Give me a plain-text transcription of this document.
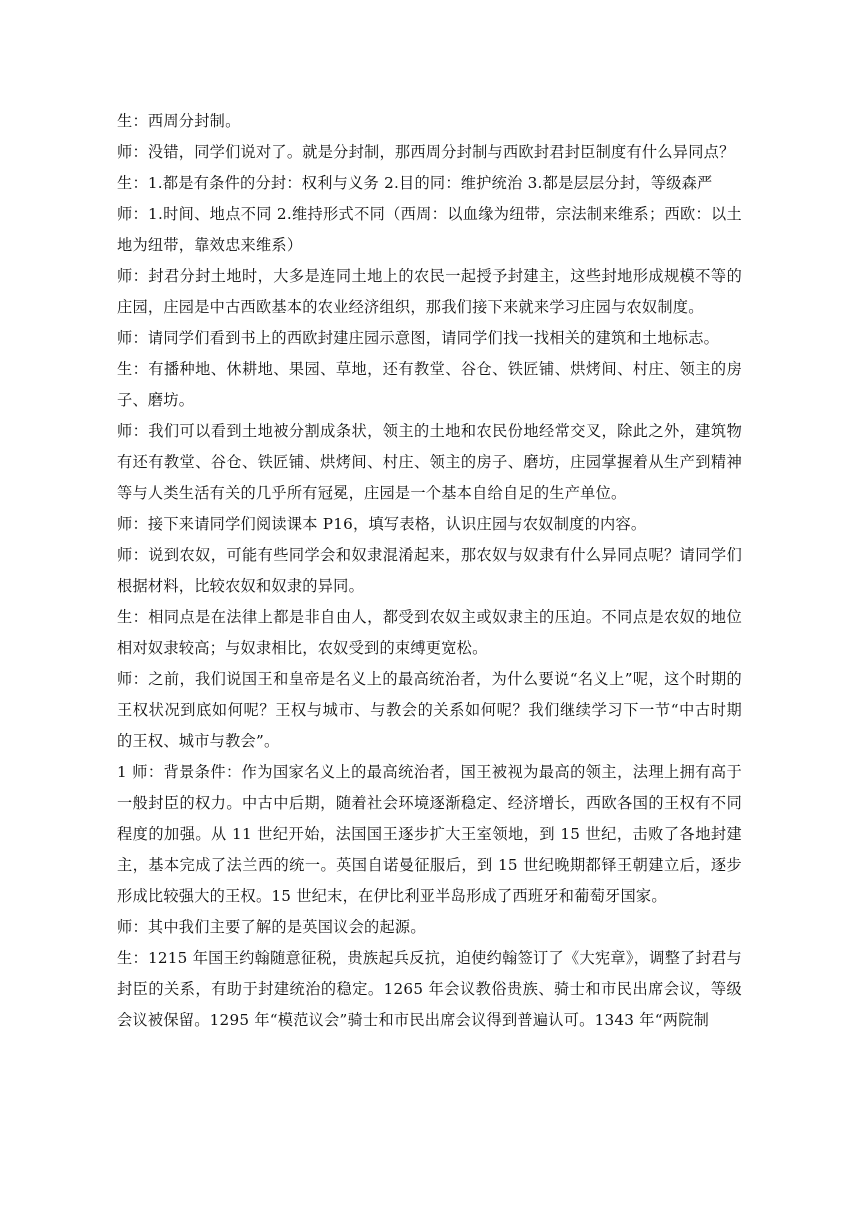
生：西周分封制。

师：没错，同学们说对了。就是分封制，那西周分封制与西欧封君封臣制度有什么异同点？

生：1.都是有条件的分封：权利与义务 2.目的同：维护统治 3.都是层层分封，等级森严

师：1.时间、地点不同 2.维持形式不同（西周：以血缘为纽带，宗法制来维系；西欧：以土地为纽带，靠效忠来维系）

师：封君分封土地时，大多是连同土地上的农民一起授予封建主，这些封地形成规模不等的庄园，庄园是中古西欧基本的农业经济组织，那我们接下来就来学习庄园与农奴制度。

师：请同学们看到书上的西欧封建庄园示意图，请同学们找一找相关的建筑和土地标志。

生：有播种地、休耕地、果园、草地，还有教堂、谷仓、铁匠铺、烘烤间、村庄、领主的房子、磨坊。

师：我们可以看到土地被分割成条状，领主的土地和农民份地经常交叉，除此之外，建筑物有还有教堂、谷仓、铁匠铺、烘烤间、村庄、领主的房子、磨坊，庄园掌握着从生产到精神等与人类生活有关的几乎所有冠冕，庄园是一个基本自给自足的生产单位。

师：接下来请同学们阅读课本 P16，填写表格，认识庄园与农奴制度的内容。

师：说到农奴，可能有些同学会和奴隶混淆起来，那农奴与奴隶有什么异同点呢？请同学们根据材料，比较农奴和奴隶的异同。

生：相同点是在法律上都是非自由人，都受到农奴主或奴隶主的压迫。不同点是农奴的地位相对奴隶较高；与奴隶相比，农奴受到的束缚更宽松。

师：之前，我们说国王和皇帝是名义上的最高统治者，为什么要说“名义上”呢，这个时期的王权状况到底如何呢？王权与城市、与教会的关系如何呢？我们继续学习下一节“中古时期的王权、城市与教会”。

1 师：背景条件：作为国家名义上的最高统治者，国王被视为最高的领主，法理上拥有高于一般封臣的权力。中古中后期，随着社会环境逐渐稳定、经济增长，西欧各国的王权有不同程度的加强。从 11 世纪开始，法国国王逐步扩大王室领地，到 15 世纪，击败了各地封建主，基本完成了法兰西的统一。英国自诺曼征服后，到 15 世纪晚期都铎王朝建立后，逐步形成比较强大的王权。15 世纪末，在伊比利亚半岛形成了西班牙和葡萄牙国家。

师：其中我们主要了解的是英国议会的起源。

生：1215 年国王约翰随意征税，贵族起兵反抗，迫使约翰签订了《大宪章》，调整了封君与封臣的关系，有助于封建统治的稳定。1265 年会议教俗贵族、骑士和市民出席会议，等级会议被保留。1295 年“模范议会”骑士和市民出席会议得到普遍认可。1343 年“两院制
